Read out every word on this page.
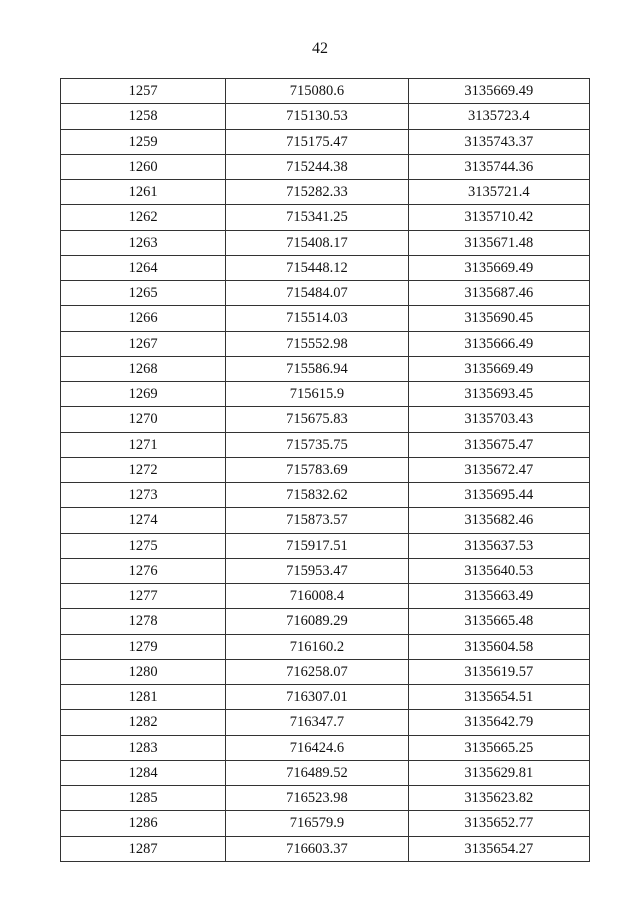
42
1257	715080.6	3135669.49
1258	715130.53	3135723.4
1259	715175.47	3135743.37
1260	715244.38	3135744.36
1261	715282.33	3135721.4
1262	715341.25	3135710.42
1263	715408.17	3135671.48
1264	715448.12	3135669.49
1265	715484.07	3135687.46
1266	715514.03	3135690.45
1267	715552.98	3135666.49
1268	715586.94	3135669.49
1269	715615.9	3135693.45
1270	715675.83	3135703.43
1271	715735.75	3135675.47
1272	715783.69	3135672.47
1273	715832.62	3135695.44
1274	715873.57	3135682.46
1275	715917.51	3135637.53
1276	715953.47	3135640.53
1277	716008.4	3135663.49
1278	716089.29	3135665.48
1279	716160.2	3135604.58
1280	716258.07	3135619.57
1281	716307.01	3135654.51
1282	716347.7	3135642.79
1283	716424.6	3135665.25
1284	716489.52	3135629.81
1285	716523.98	3135623.82
1286	716579.9	3135652.77
1287	716603.37	3135654.27
